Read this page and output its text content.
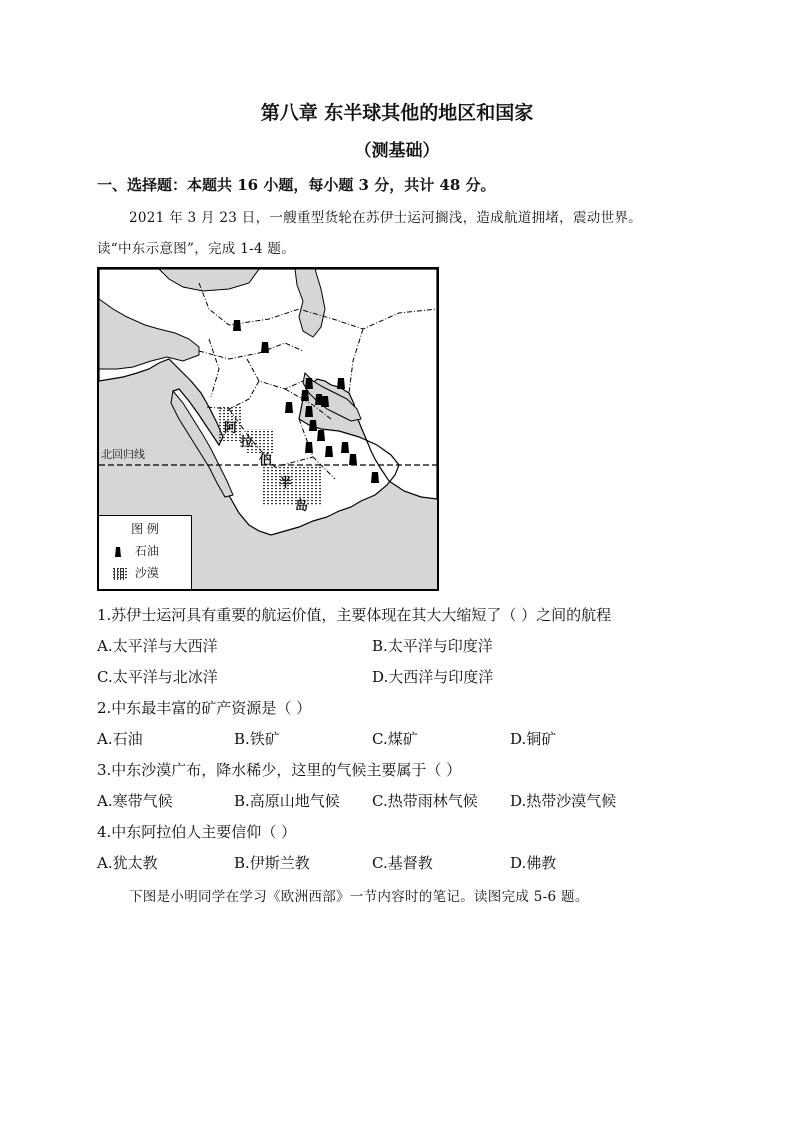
第八章 东半球其他的地区和国家
（测基础）
一、选择题：本题共 16 小题，每小题 3 分，共计 48 分。
2021 年 3 月 23 日，一艘重型货轮在苏伊士运河搁浅，造成航道拥堵，震动世界。
读“中东示意图”，完成 1-4 题。
北回归线
阿
拉
伯
半
岛
图 例
石油
沙漠
1.苏伊士运河具有重要的航运价值，主要体现在其大大缩短了（ ）之间的航程
A.太平洋与大西洋	B.太平洋与印度洋
C.太平洋与北冰洋	D.大西洋与印度洋
2.中东最丰富的矿产资源是（ ）
A.石油	B.铁矿	C.煤矿	D.铜矿
3.中东沙漠广布，降水稀少，这里的气候主要属于（ ）
A.寒带气候	B.高原山地气候 C.热带雨林气候 D.热带沙漠气候
4.中东阿拉伯人主要信仰（ ）
A.犹太教	B.伊斯兰教	C.基督教	D.佛教
下图是小明同学在学习《欧洲西部》一节内容时的笔记。读图完成 5-6 题。
